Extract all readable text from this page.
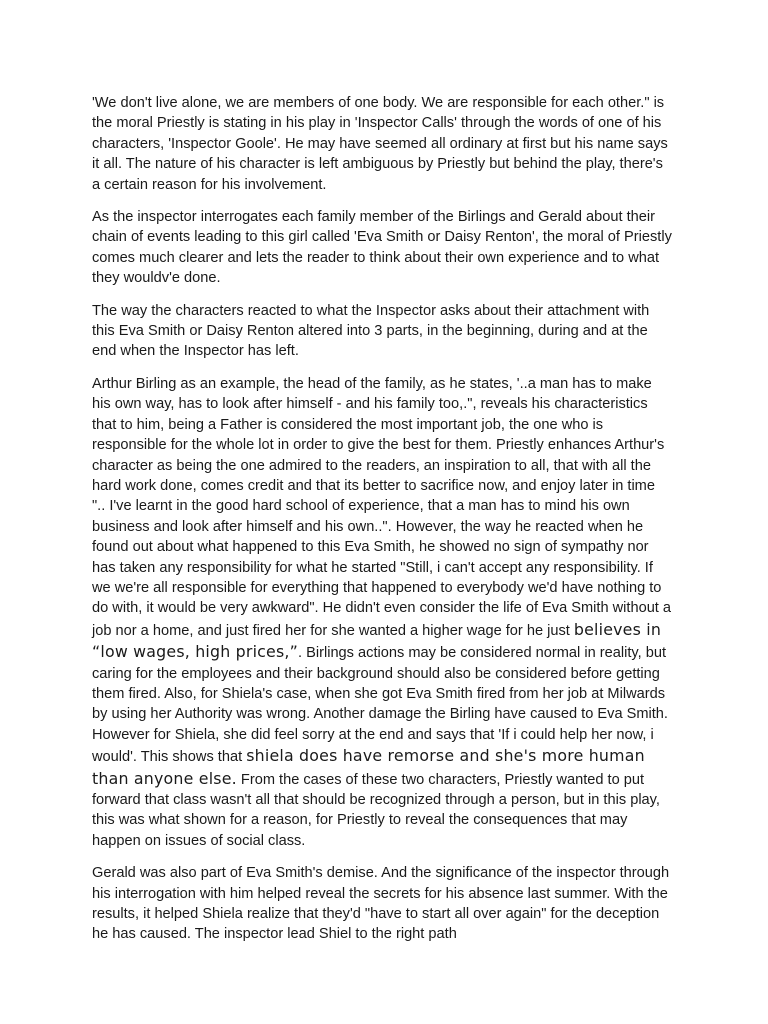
'We don't live alone, we are members of one body. We are responsible for each other." is the moral Priestly is stating in his play in 'Inspector Calls' through the words of one of his characters, 'Inspector Goole'. He may have seemed all ordinary at first but his name says it all. The nature of his character is left ambiguous by Priestly but behind the play, there's a certain reason for his involvement.

As the inspector interrogates each family member of the Birlings and Gerald about their chain of events leading to this girl called 'Eva Smith or Daisy Renton', the moral of Priestly comes much clearer and lets the reader to think about their own experience and to what they wouldv'e done.

The way the characters reacted to what the Inspector asks about their attachment with this Eva Smith or Daisy Renton altered into 3 parts, in the beginning, during and at the end when the Inspector has left.

Arthur Birling as an example, the head of the family, as he states, '..a man has to make his own way, has to look after himself - and his family too,.", reveals his characteristics that to him, being a Father is considered the most important job, the one who is responsible for the whole lot in order to give the best for them. Priestly enhances Arthur's character as being the one admired to the readers, an inspiration to all, that with all the hard work done, comes credit and that its better to sacrifice now, and enjoy later in time ".. I've learnt in the good hard school of experience, that a man has to mind his own business and look after himself and his own..". However, the way he reacted when he found out about what happened to this Eva Smith, he showed no sign of sympathy nor has taken any responsibility for what he started "Still, i can't accept any responsibility. If we we're all responsible for everything that happened to everybody we'd have nothing to do with, it would be very awkward". He didn't even consider the life of Eva Smith without a job nor a home, and just fired her for she wanted a higher wage for he just believes in “low wages, high prices,”. Birlings actions may be considered normal in reality, but caring for the employees and their background should also be considered before getting them fired. Also, for Shiela's case, when she got Eva Smith fired from her job at Milwards by using her Authority was wrong. Another damage the Birling have caused to Eva Smith. However for Shiela, she did feel sorry at the end and says that 'If i could help her now, i would'. This shows that shiela does have remorse and she's more human than anyone else. From the cases of these two characters, Priestly wanted to put forward that class wasn't all that should be recognized through a person, but in this play, this was what shown for a reason, for Priestly to reveal the consequences that may happen on issues of social class.

Gerald was also part of Eva Smith's demise. And the significance of the inspector through his interrogation with him helped reveal the secrets for his absence last summer. With the results, it helped Shiela realize that they'd "have to start all over again" for the deception he has caused. The inspector lead Shiel to the right path
